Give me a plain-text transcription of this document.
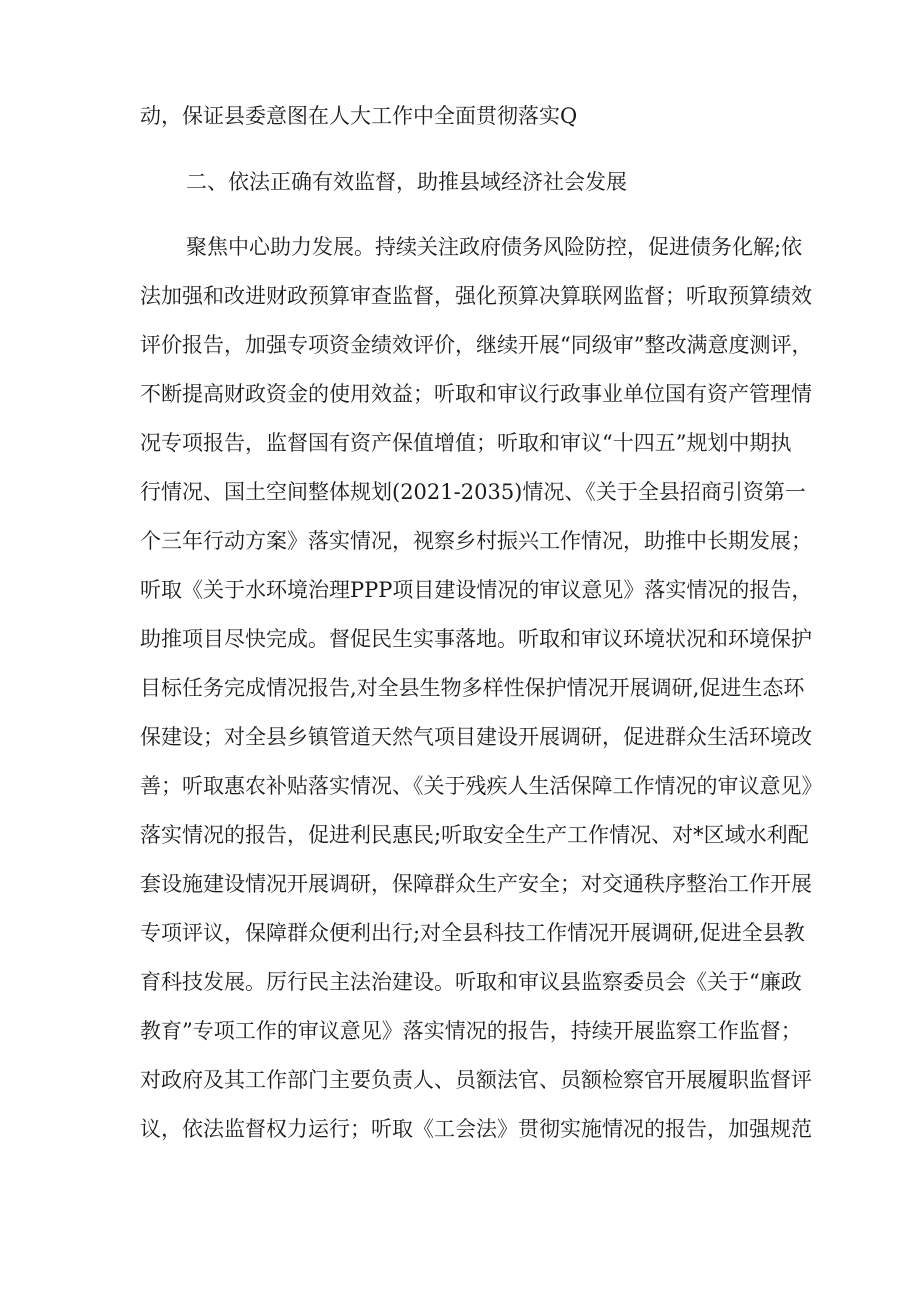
动，保证县委意图在人大工作中全面贯彻落实Q
二、依法正确有效监督，助推县域经济社会发展
聚焦中心助力发展。持续关注政府债务风险防控，促进债务化解;依
法加强和改进财政预算审查监督，强化预算决算联网监督；听取预算绩效
评价报告，加强专项资金绩效评价，继续开展“同级审”整改满意度测评，
不断提高财政资金的使用效益；听取和审议行政事业单位国有资产管理情
况专项报告，监督国有资产保值增值；听取和审议“十四五”规划中期执
行情况、国土空间整体规划(2021-2035)情况、《关于全县招商引资第一
个三年行动方案》落实情况，视察乡村振兴工作情况，助推中长期发展；
听取《关于水环境治理PPP项目建设情况的审议意见》落实情况的报告，
助推项目尽快完成。督促民生实事落地。听取和审议环境状况和环境保护
目标任务完成情况报告,对全县生物多样性保护情况开展调研,促进生态环
保建设；对全县乡镇管道天然气项目建设开展调研，促进群众生活环境改
善；听取惠农补贴落实情况、《关于残疾人生活保障工作情况的审议意见》
落实情况的报告，促进利民惠民;听取安全生产工作情况、对*区域水利配
套设施建设情况开展调研，保障群众生产安全；对交通秩序整治工作开展
专项评议，保障群众便利出行;对全县科技工作情况开展调研,促进全县教
育科技发展。厉行民主法治建设。听取和审议县监察委员会《关于“廉政
教育”专项工作的审议意见》落实情况的报告，持续开展监察工作监督；
对政府及其工作部门主要负责人、员额法官、员额检察官开展履职监督评
议，依法监督权力运行；听取《工会法》贯彻实施情况的报告，加强规范
